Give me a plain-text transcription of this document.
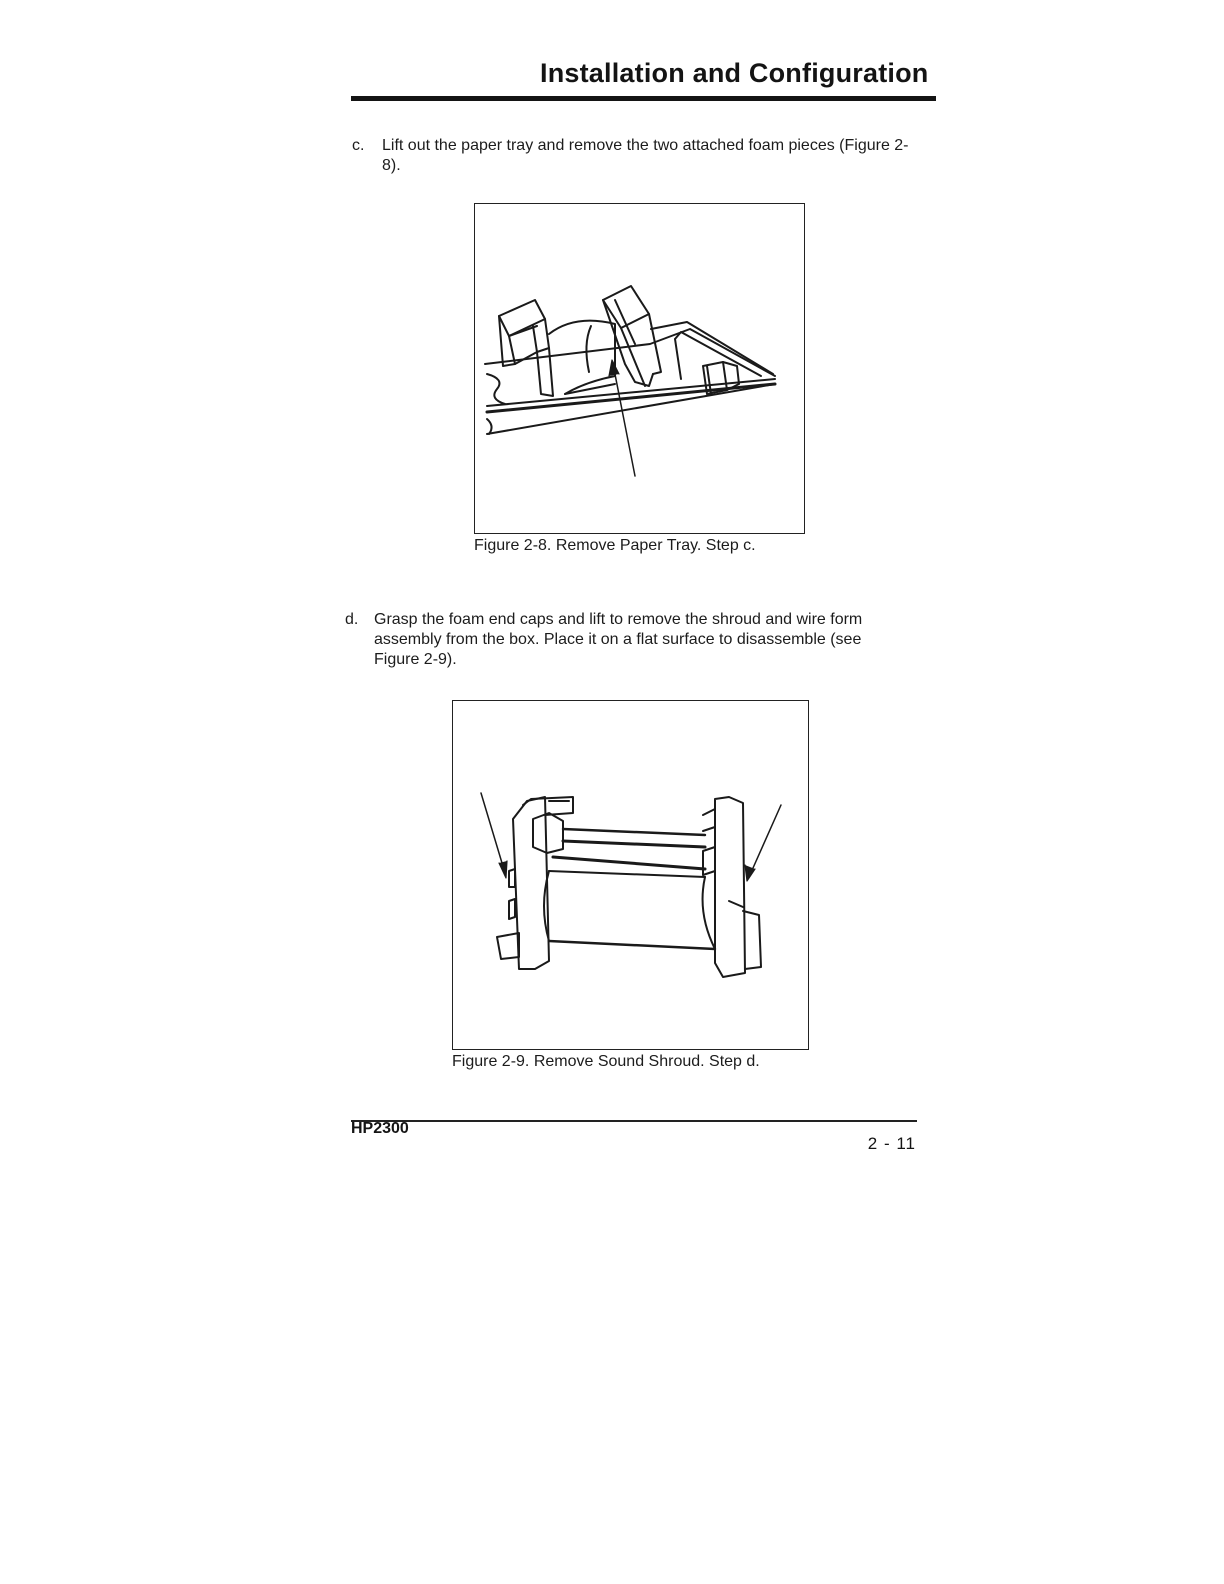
Installation and Configuration
c. Lift out the paper tray and remove the two attached foam pieces (Figure 2-8).
Figure 2-8. Remove Paper Tray. Step c.
d. Grasp the foam end caps and lift to remove the shroud and wire form assembly from the box. Place it on a flat surface to disassemble (see Figure 2-9).
Figure 2-9. Remove Sound Shroud. Step d.
HP2300
2 - 11
